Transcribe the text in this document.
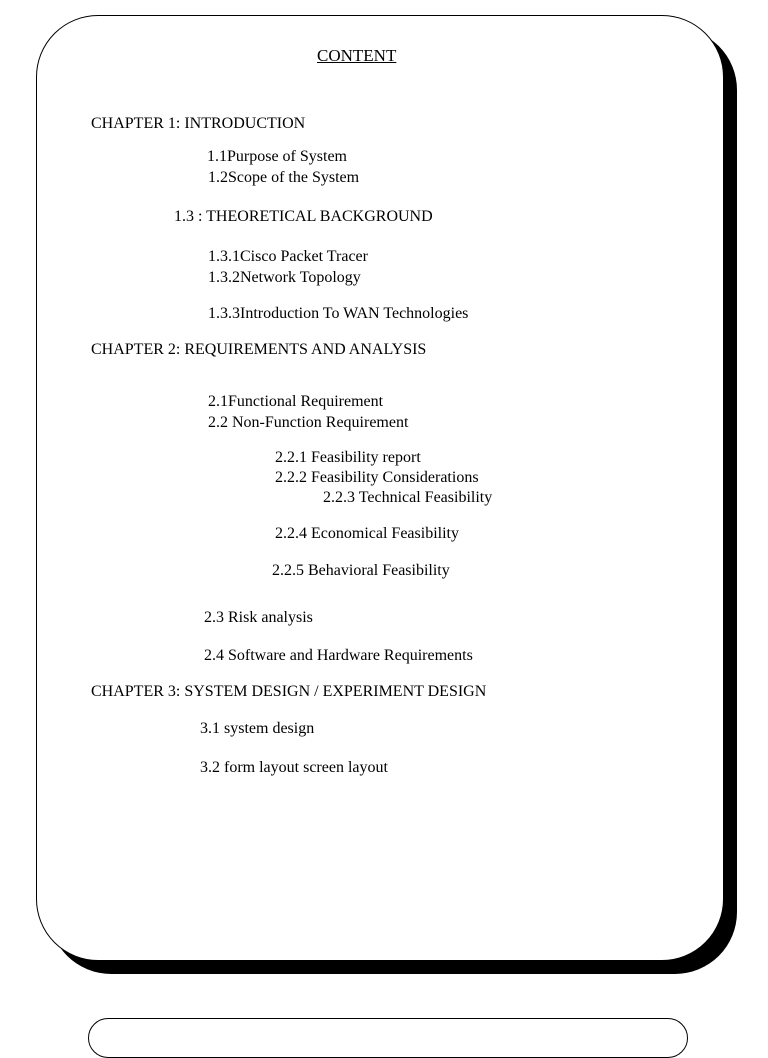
CONTENT
CHAPTER 1: INTRODUCTION
1.1Purpose of System
1.2Scope of the System
1.3 : THEORETICAL BACKGROUND
1.3.1Cisco Packet Tracer
1.3.2Network Topology
1.3.3Introduction To WAN Technologies
CHAPTER 2: REQUIREMENTS AND ANALYSIS
2.1Functional Requirement
2.2 Non-Function Requirement
2.2.1 Feasibility report
2.2.2 Feasibility Considerations
2.2.3 Technical Feasibility
2.2.4 Economical Feasibility
2.2.5 Behavioral Feasibility
2.3 Risk analysis
2.4 Software and Hardware Requirements
CHAPTER 3: SYSTEM DESIGN / EXPERIMENT DESIGN
3.1 system design
3.2 form layout screen layout
